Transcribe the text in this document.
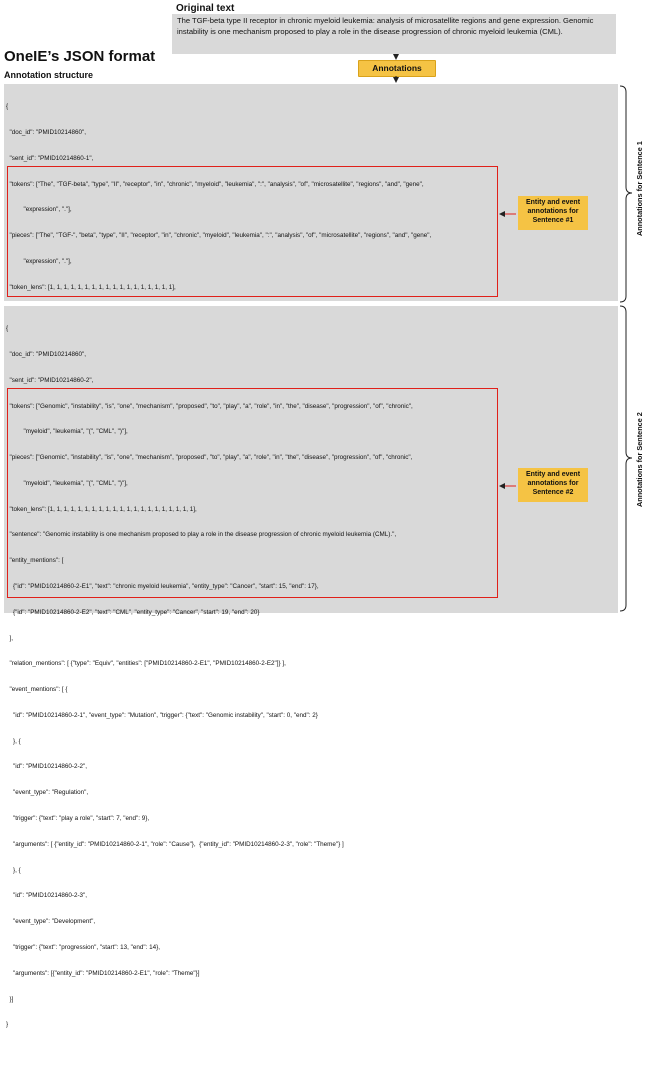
Original text
The TGF-beta type II receptor in chronic myeloid leukemia: analysis of microsatellite regions and gene expression. Genomic instability is one mechanism proposed to play a role in the disease progression of chronic myeloid leukemia (CML).
OneIE’s JSON format
Annotation structure
Annotations

{

"doc_id": "PMID10214860",

"sent_id": "PMID10214860-1",

"tokens": ["The", "TGF-beta", "type", "II", "receptor", "in", "chronic", "myeloid", "leukemia", ":", "analysis", "of", "microsatellite", "regions", "and", "gene",

"expression", "."],

"pieces": ["The", "TGF-", "beta", "type", "II", "receptor", "in", "chronic", "myeloid", "leukemia", ":", "analysis", "of", "microsatellite", "regions", "and", "gene",

"expression", "."],

"token_lens": [1, 1, 1, 1, 1, 1, 1, 1, 1, 1, 1, 1, 1, 1, 1, 1, 1, 1],

Entity and event annotations for Sentence #1

{

"doc_id": "PMID10214860",

"sent_id": "PMID10214860-2",

"tokens": ["Genomic", "instability", "is", "one", "mechanism", "proposed", "to", "play", "a", "role", "in", "the", "disease", "progression", "of", "chronic",

"myeloid", "leukemia", "(", "CML", ")"],

"pieces": ["Genomic", "instability", "is", "one", "mechanism", "proposed", "to", "play", "a", "role", "in", "the", "disease", "progression", "of", "chronic",

"myeloid", "leukemia", "(", "CML", ")"],

"token_lens": [1, 1, 1, 1, 1, 1, 1, 1, 1, 1, 1, 1, 1, 1, 1, 1, 1, 1, 1, 1, 1],

"sentence": "Genomic instability is one mechanism proposed to play a role in the disease progression of chronic myeloid leukemia (CML).",

"entity_mentions": [

{"id": "PMID10214860-2-E1", "text": "chronic myeloid leukemia", "entity_type": "Cancer", "start": 15, "end": 17},

{"id": "PMID10214860-2-E2", "text": "CML", "entity_type": "Cancer", "start": 19, "end": 20}

],

"relation_mentions": [ {"type": "Equiv", "entities": ["PMID10214860-2-E1", "PMID10214860-2-E2"]} ],

"event_mentions": [ {

"id": "PMID10214860-2-1", "event_type": "Mutation", "trigger": {"text": "Genomic instability", "start": 0, "end": 2}

}, {

"id": "PMID10214860-2-2",

"event_type": "Regulation",

"trigger": {"text": "play a role", "start": 7, "end": 9},

"arguments": [ {"entity_id": "PMID10214860-2-1", "role": "Cause"},  {"entity_id": "PMID10214860-2-3", "role": "Theme"} ]

}, {

"id": "PMID10214860-2-3",

"event_type": "Development",

"trigger": {"text": "progression", "start": 13, "end": 14},

"arguments": [{"entity_id": "PMID10214860-2-E1", "role": "Theme"}]

}]

}

Entity and event annotations for Sentence #2
Annotations for Sentence 1
Annotations for Sentence 2
